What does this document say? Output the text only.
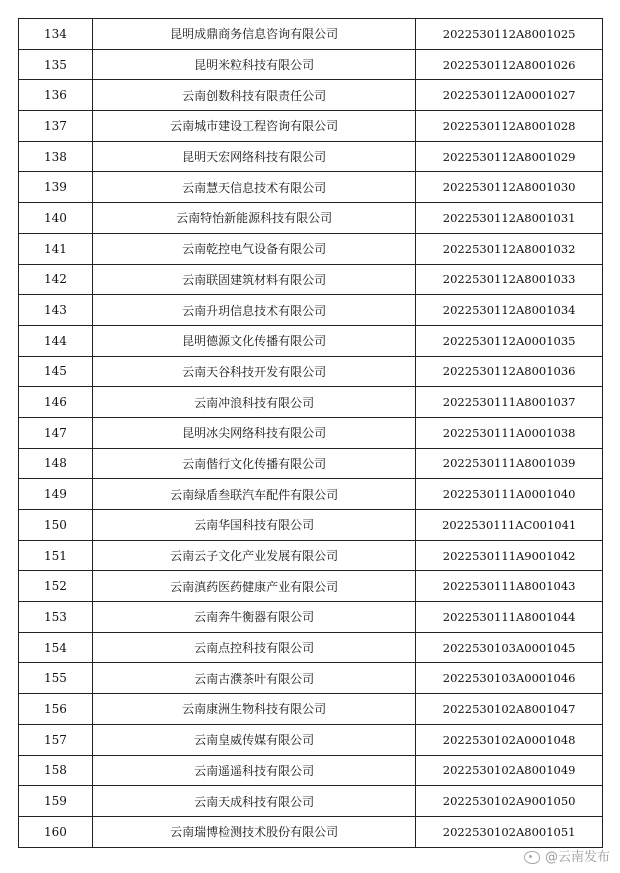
134	昆明成鼎商务信息咨询有限公司	2022530112A8001025
135	昆明米粒科技有限公司	2022530112A8001026
136	云南创数科技有限责任公司	2022530112A0001027
137	云南城市建设工程咨询有限公司	2022530112A8001028
138	昆明天宏网络科技有限公司	2022530112A8001029
139	云南慧天信息技术有限公司	2022530112A8001030
140	云南特怡新能源科技有限公司	2022530112A8001031
141	云南乾控电气设备有限公司	2022530112A8001032
142	云南联固建筑材料有限公司	2022530112A8001033
143	云南升玥信息技术有限公司	2022530112A8001034
144	昆明德源文化传播有限公司	2022530112A0001035
145	云南天谷科技开发有限公司	2022530112A8001036
146	云南冲浪科技有限公司	2022530111A8001037
147	昆明冰尖网络科技有限公司	2022530111A0001038
148	云南偕行文化传播有限公司	2022530111A8001039
149	云南绿盾叁联汽车配件有限公司	2022530111A0001040
150	云南华国科技有限公司	2022530111AC001041
151	云南云子文化产业发展有限公司	2022530111A9001042
152	云南滇药医药健康产业有限公司	2022530111A8001043
153	云南奔牛衡器有限公司	2022530111A8001044
154	云南点控科技有限公司	2022530103A0001045
155	云南古濮茶叶有限公司	2022530103A0001046
156	云南康洲生物科技有限公司	2022530102A8001047
157	云南皇威传媒有限公司	2022530102A0001048
158	云南遥遥科技有限公司	2022530102A8001049
159	云南天成科技有限公司	2022530102A9001050
160	云南瑞博检测技术股份有限公司	2022530102A8001051
@云南发布
